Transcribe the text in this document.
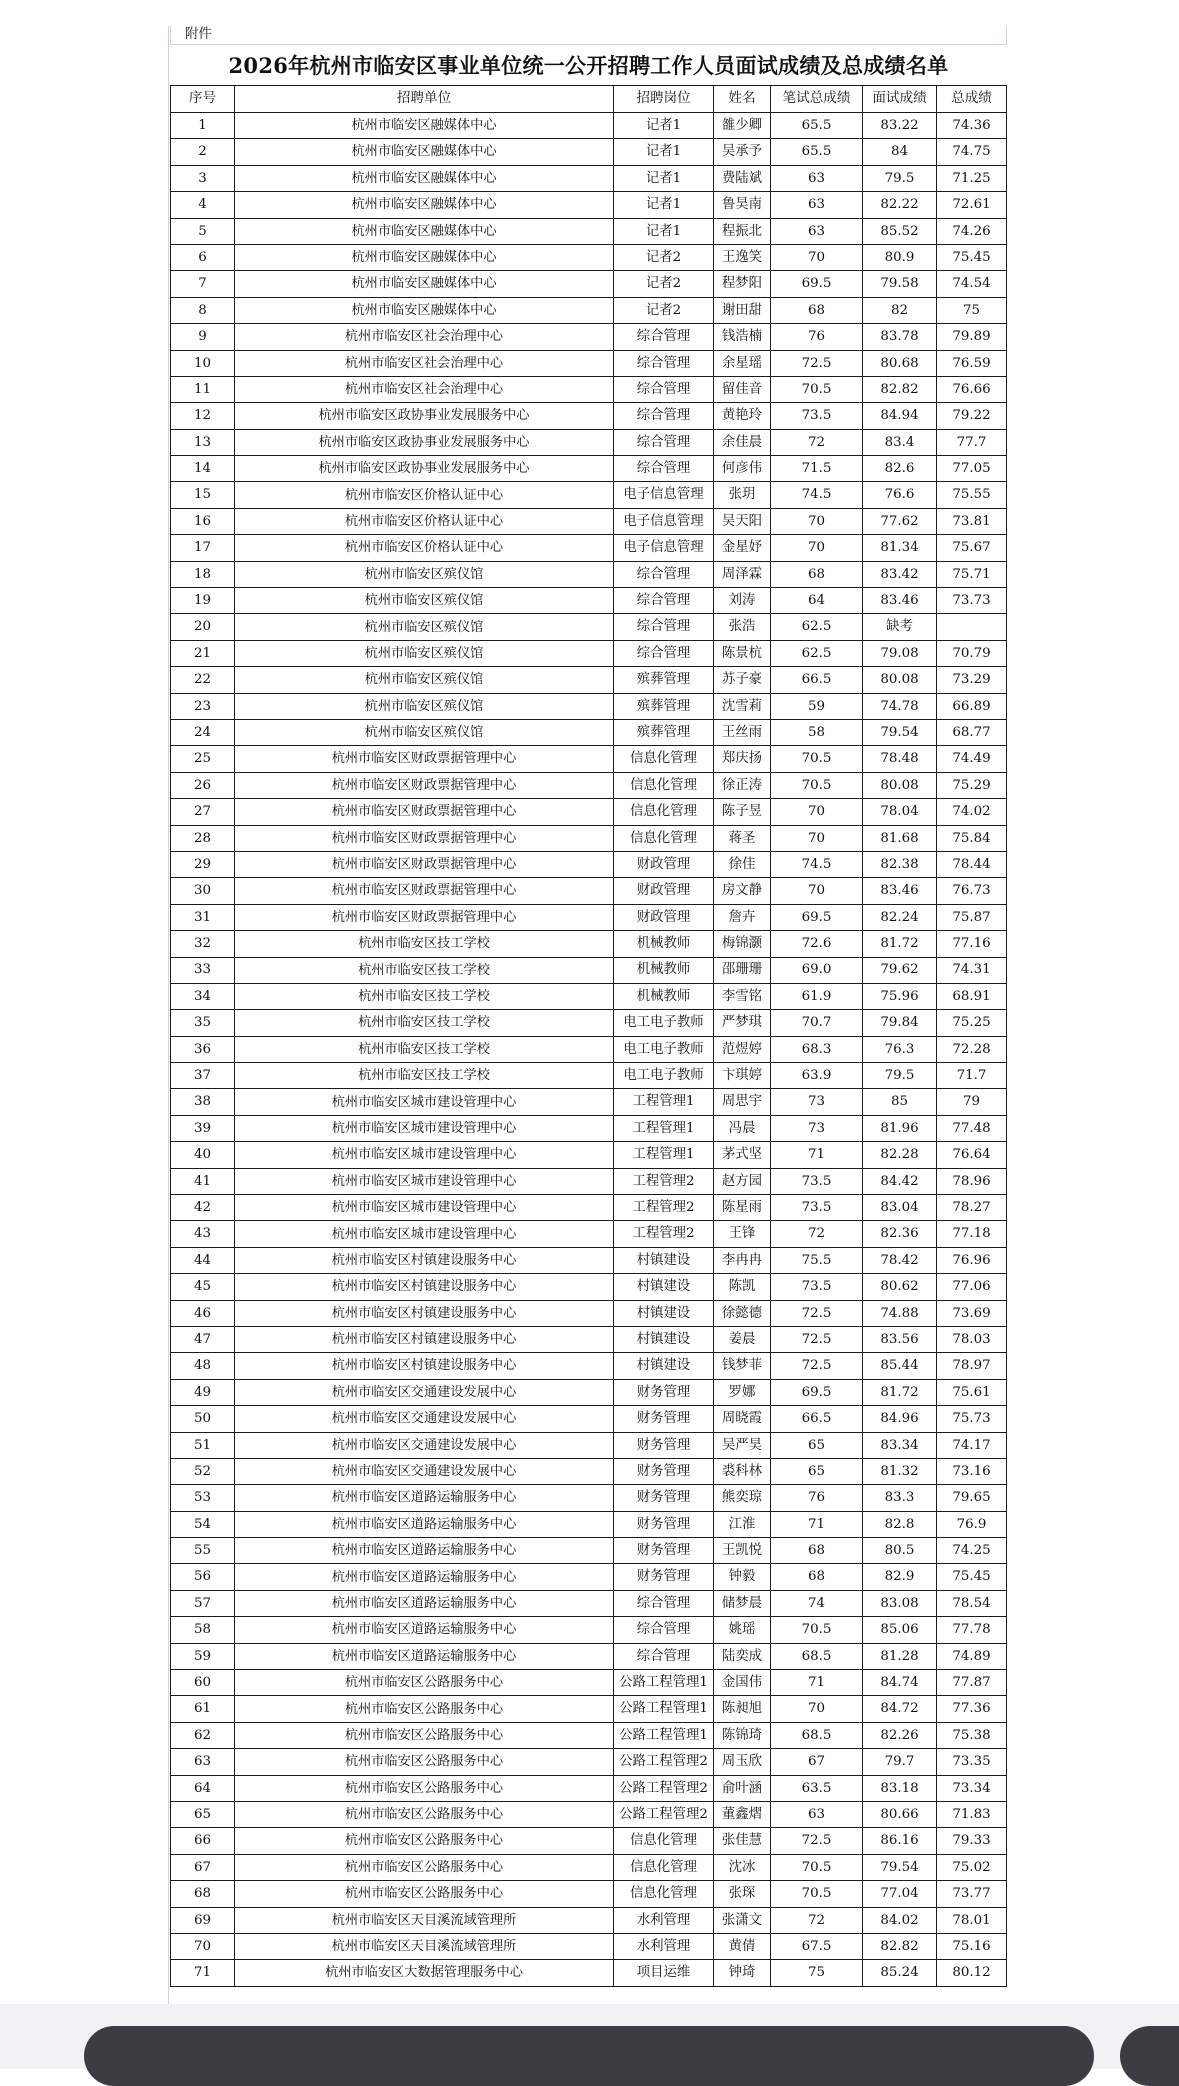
附件						
2026年杭州市临安区事业单位统一公开招聘工作人员面试成绩及总成绩名单						
序号	招聘单位	招聘岗位	姓名	笔试总成绩	面试成绩	总成绩
1	杭州市临安区融媒体中心	记者1	雒少卿	65.5	83.22	74.36
2	杭州市临安区融媒体中心	记者1	吴承予	65.5	84	74.75
3	杭州市临安区融媒体中心	记者1	费陆斌	63	79.5	71.25
4	杭州市临安区融媒体中心	记者1	鲁昊南	63	82.22	72.61
5	杭州市临安区融媒体中心	记者1	程振北	63	85.52	74.26
6	杭州市临安区融媒体中心	记者2	王逸笑	70	80.9	75.45
7	杭州市临安区融媒体中心	记者2	程梦阳	69.5	79.58	74.54
8	杭州市临安区融媒体中心	记者2	谢田甜	68	82	75
9	杭州市临安区社会治理中心	综合管理	钱浩楠	76	83.78	79.89
10	杭州市临安区社会治理中心	综合管理	余星瑶	72.5	80.68	76.59
11	杭州市临安区社会治理中心	综合管理	留佳音	70.5	82.82	76.66
12	杭州市临安区政协事业发展服务中心	综合管理	黄艳玲	73.5	84.94	79.22
13	杭州市临安区政协事业发展服务中心	综合管理	余佳晨	72	83.4	77.7
14	杭州市临安区政协事业发展服务中心	综合管理	何彦伟	71.5	82.6	77.05
15	杭州市临安区价格认证中心	电子信息管理	张玥	74.5	76.6	75.55
16	杭州市临安区价格认证中心	电子信息管理	吴天阳	70	77.62	73.81
17	杭州市临安区价格认证中心	电子信息管理	金星妤	70	81.34	75.67
18	杭州市临安区殡仪馆	综合管理	周泽霖	68	83.42	75.71
19	杭州市临安区殡仪馆	综合管理	刘涛	64	83.46	73.73
20	杭州市临安区殡仪馆	综合管理	张浩	62.5	缺考	
21	杭州市临安区殡仪馆	综合管理	陈景杭	62.5	79.08	70.79
22	杭州市临安区殡仪馆	殡葬管理	苏子豪	66.5	80.08	73.29
23	杭州市临安区殡仪馆	殡葬管理	沈雪莉	59	74.78	66.89
24	杭州市临安区殡仪馆	殡葬管理	王丝雨	58	79.54	68.77
25	杭州市临安区财政票据管理中心	信息化管理	郑庆扬	70.5	78.48	74.49
26	杭州市临安区财政票据管理中心	信息化管理	徐正涛	70.5	80.08	75.29
27	杭州市临安区财政票据管理中心	信息化管理	陈子昱	70	78.04	74.02
28	杭州市临安区财政票据管理中心	信息化管理	蒋圣	70	81.68	75.84
29	杭州市临安区财政票据管理中心	财政管理	徐佳	74.5	82.38	78.44
30	杭州市临安区财政票据管理中心	财政管理	房文静	70	83.46	76.73
31	杭州市临安区财政票据管理中心	财政管理	詹卉	69.5	82.24	75.87
32	杭州市临安区技工学校	机械教师	梅锦灏	72.6	81.72	77.16
33	杭州市临安区技工学校	机械教师	邵珊珊	69.0	79.62	74.31
34	杭州市临安区技工学校	机械教师	李雪铭	61.9	75.96	68.91
35	杭州市临安区技工学校	电工电子教师	严梦琪	70.7	79.84	75.25
36	杭州市临安区技工学校	电工电子教师	范煜婷	68.3	76.3	72.28
37	杭州市临安区技工学校	电工电子教师	卞琪婷	63.9	79.5	71.7
38	杭州市临安区城市建设管理中心	工程管理1	周思宇	73	85	79
39	杭州市临安区城市建设管理中心	工程管理1	冯晨	73	81.96	77.48
40	杭州市临安区城市建设管理中心	工程管理1	茅式坚	71	82.28	76.64
41	杭州市临安区城市建设管理中心	工程管理2	赵方园	73.5	84.42	78.96
42	杭州市临安区城市建设管理中心	工程管理2	陈星雨	73.5	83.04	78.27
43	杭州市临安区城市建设管理中心	工程管理2	王锋	72	82.36	77.18
44	杭州市临安区村镇建设服务中心	村镇建设	李冉冉	75.5	78.42	76.96
45	杭州市临安区村镇建设服务中心	村镇建设	陈凯	73.5	80.62	77.06
46	杭州市临安区村镇建设服务中心	村镇建设	徐懿德	72.5	74.88	73.69
47	杭州市临安区村镇建设服务中心	村镇建设	姜晨	72.5	83.56	78.03
48	杭州市临安区村镇建设服务中心	村镇建设	钱梦菲	72.5	85.44	78.97
49	杭州市临安区交通建设发展中心	财务管理	罗娜	69.5	81.72	75.61
50	杭州市临安区交通建设发展中心	财务管理	周晓霞	66.5	84.96	75.73
51	杭州市临安区交通建设发展中心	财务管理	吴严昊	65	83.34	74.17
52	杭州市临安区交通建设发展中心	财务管理	裘科林	65	81.32	73.16
53	杭州市临安区道路运输服务中心	财务管理	熊奕琼	76	83.3	79.65
54	杭州市临安区道路运输服务中心	财务管理	江淮	71	82.8	76.9
55	杭州市临安区道路运输服务中心	财务管理	王凯悦	68	80.5	74.25
56	杭州市临安区道路运输服务中心	财务管理	钟毅	68	82.9	75.45
57	杭州市临安区道路运输服务中心	综合管理	储梦晨	74	83.08	78.54
58	杭州市临安区道路运输服务中心	综合管理	姚瑶	70.5	85.06	77.78
59	杭州市临安区道路运输服务中心	综合管理	陆奕成	68.5	81.28	74.89
60	杭州市临安区公路服务中心	公路工程管理1	金国伟	71	84.74	77.87
61	杭州市临安区公路服务中心	公路工程管理1	陈昶旭	70	84.72	77.36
62	杭州市临安区公路服务中心	公路工程管理1	陈锦琦	68.5	82.26	75.38
63	杭州市临安区公路服务中心	公路工程管理2	周玉欣	67	79.7	73.35
64	杭州市临安区公路服务中心	公路工程管理2	俞叶涵	63.5	83.18	73.34
65	杭州市临安区公路服务中心	公路工程管理2	董鑫熠	63	80.66	71.83
66	杭州市临安区公路服务中心	信息化管理	张佳慧	72.5	86.16	79.33
67	杭州市临安区公路服务中心	信息化管理	沈冰	70.5	79.54	75.02
68	杭州市临安区公路服务中心	信息化管理	张琛	70.5	77.04	73.77
69	杭州市临安区天目溪流域管理所	水利管理	张潇文	72	84.02	78.01
70	杭州市临安区天目溪流域管理所	水利管理	黄倩	67.5	82.82	75.16
71	杭州市临安区大数据管理服务中心	项目运维	钟琦	75	85.24	80.12
